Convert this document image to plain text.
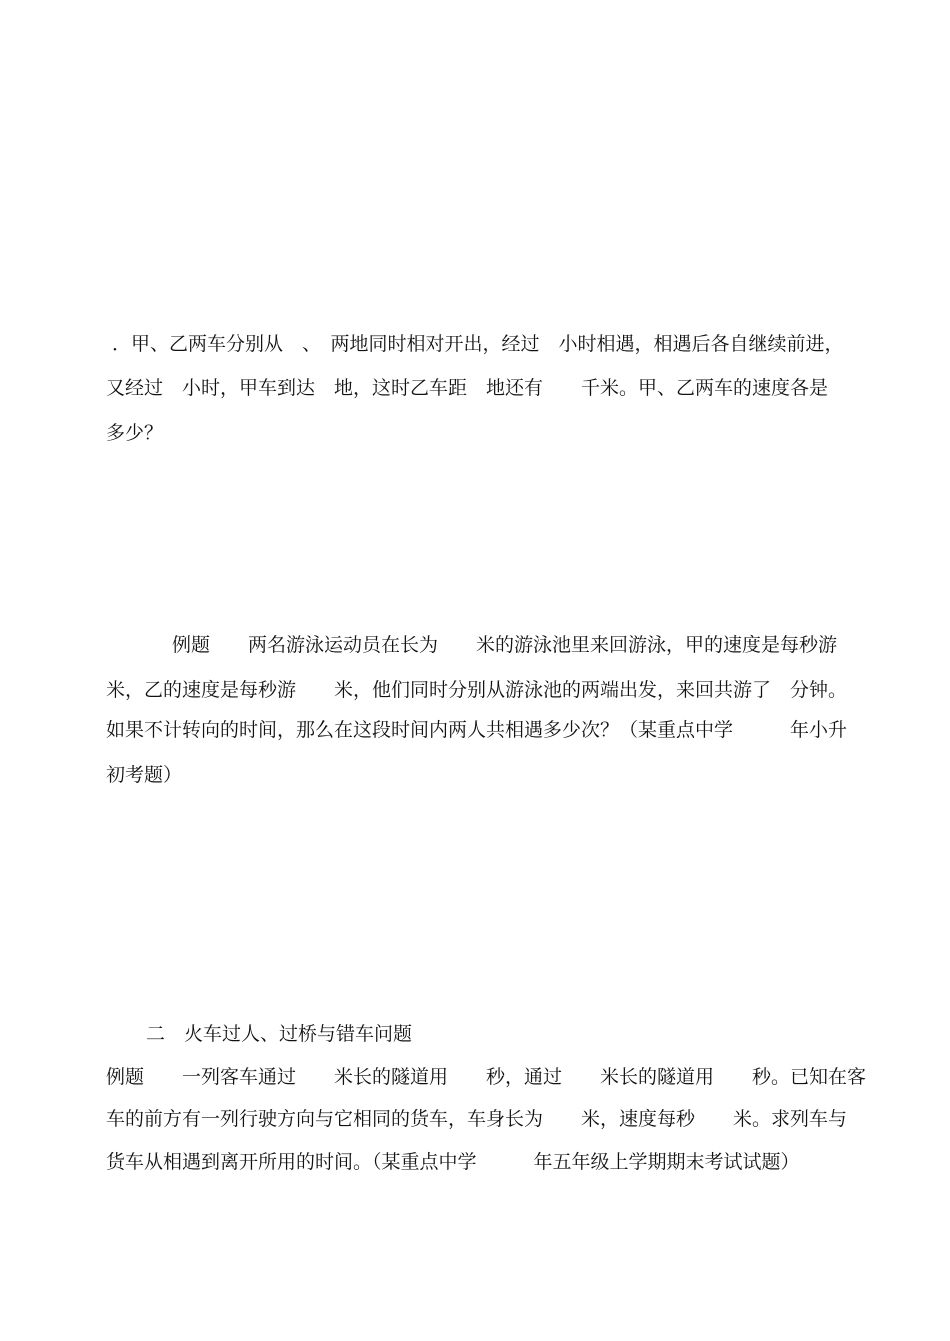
．甲、乙两车分别从　、　两地同时相对开出，经过　小时相遇，相遇后各自继续前进，
又经过　小时，甲车到达　地，这时乙车距　地还有　　千米。甲、乙两车的速度各是
多少？
例题　　两名游泳运动员在长为　　米的游泳池里来回游泳，甲的速度是每秒游
米，乙的速度是每秒游　　米，他们同时分别从游泳池的两端出发，来回共游了　分钟。
如果不计转向的时间，那么在这段时间内两人共相遇多少次？（某重点中学　　　年小升
初考题）
二　火车过人、过桥与错车问题
例题　　一列客车通过　　米长的隧道用　　秒，通过　　米长的隧道用　　秒。已知在客
车的前方有一列行驶方向与它相同的货车，车身长为　　米，速度每秒　　米。求列车与
货车从相遇到离开所用的时间。（某重点中学　　　年五年级上学期期末考试试题）
